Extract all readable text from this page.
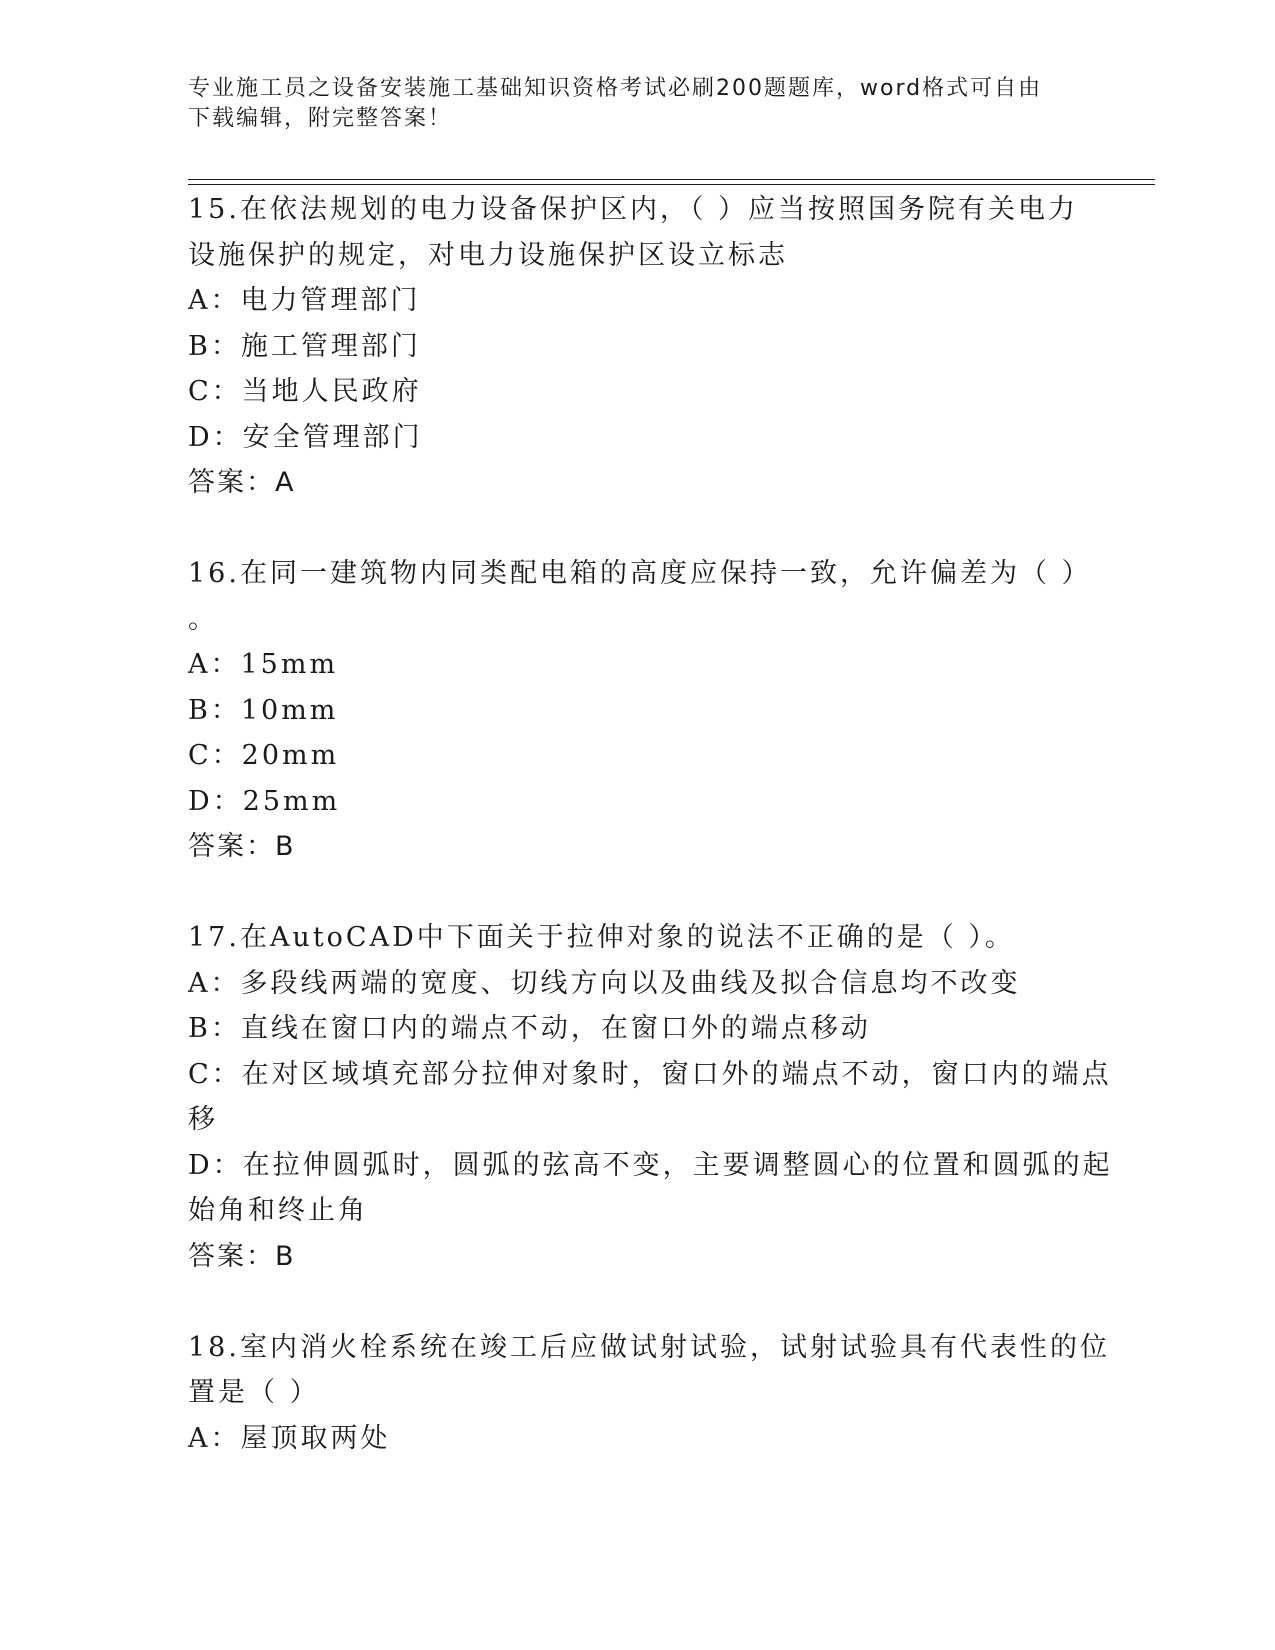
专业施工员之设备安装施工基础知识资格考试必刷200题题库，word格式可自由
下载编辑，附完整答案！
15.在依法规划的电力设备保护区内，（ ）应当按照国务院有关电力
设施保护的规定，对电力设施保护区设立标志
A：电力管理部门
B：施工管理部门
C：当地人民政府
D：安全管理部门
答案：A
16.在同一建筑物内同类配电箱的高度应保持一致，允许偏差为（ ）
。
A：15mm
B：10mm
C：20mm
D：25mm
答案：B
17.在AutoCAD中下面关于拉伸对象的说法不正确的是（ ）。
A：多段线两端的宽度、切线方向以及曲线及拟合信息均不改变
B：直线在窗口内的端点不动，在窗口外的端点移动
C：在对区域填充部分拉伸对象时，窗口外的端点不动，窗口内的端点
移
D：在拉伸圆弧时，圆弧的弦高不变，主要调整圆心的位置和圆弧的起
始角和终止角
答案：B
18.室内消火栓系统在竣工后应做试射试验，试射试验具有代表性的位
置是（ ）
A：屋顶取两处
